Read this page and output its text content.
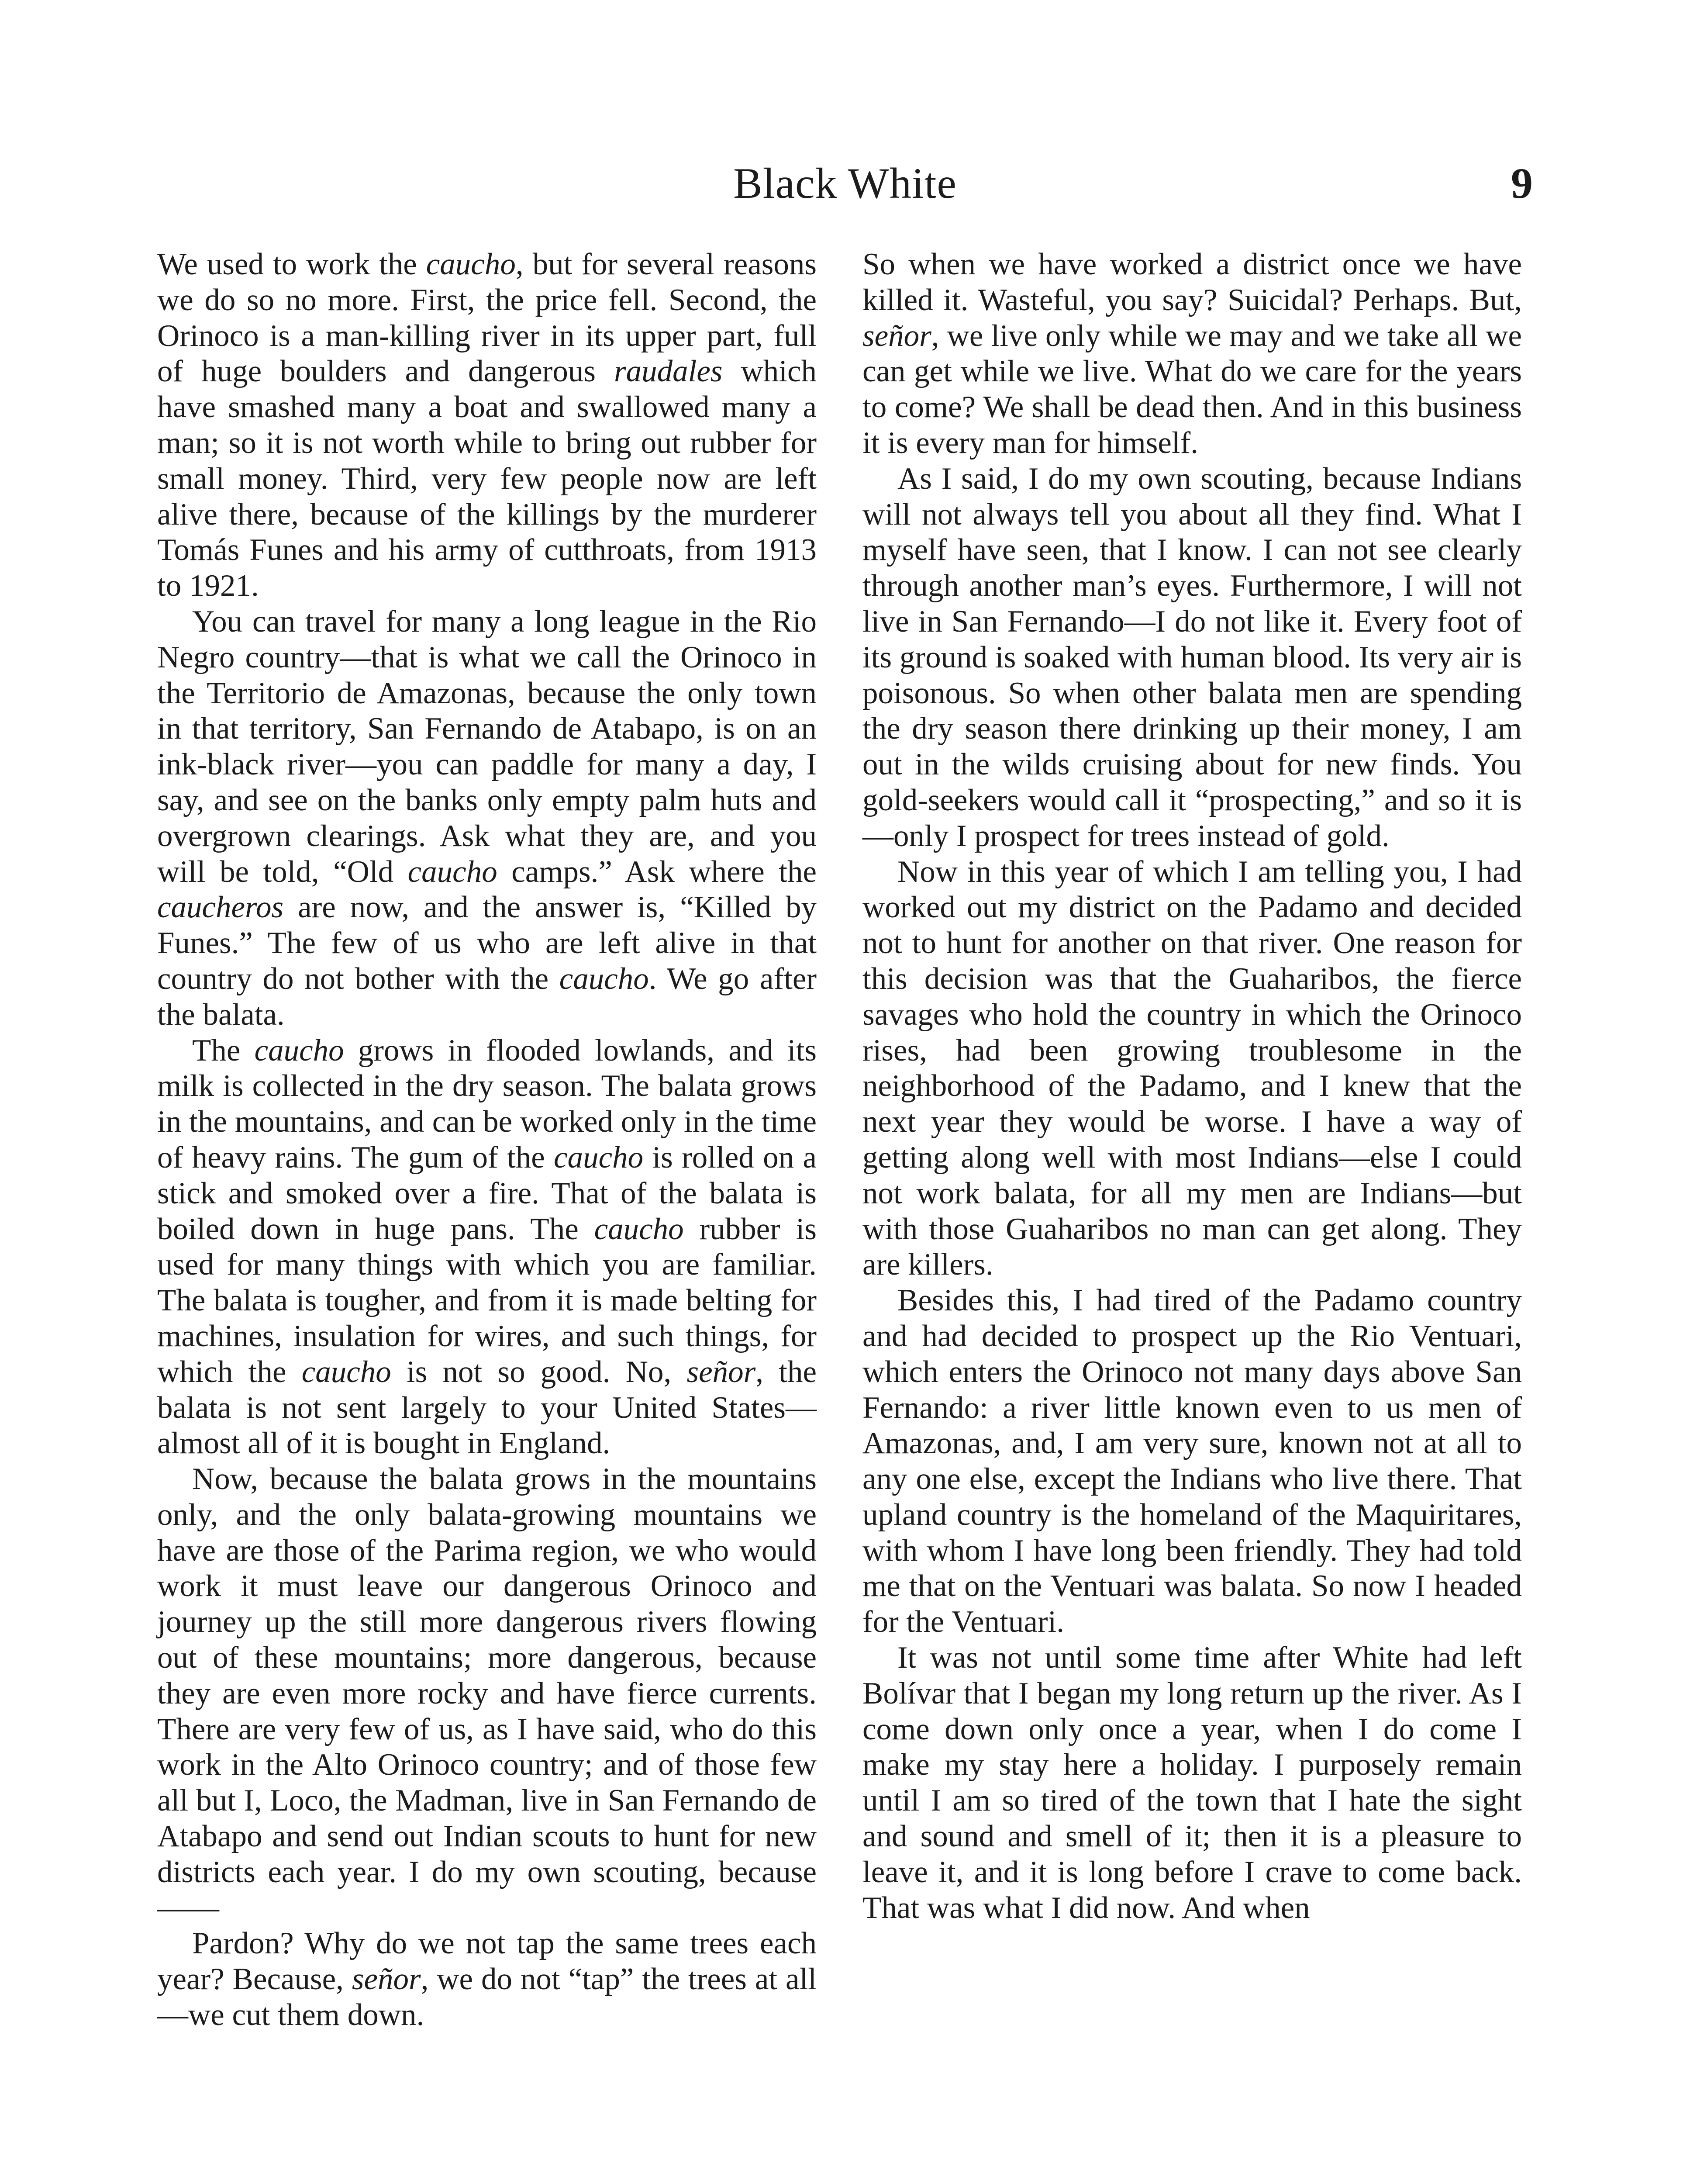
Black White	9

We used to work the caucho, but for several reasons we do so no more. First, the price fell. Second, the Orinoco is a man-killing river in its upper part, full of huge boulders and dangerous raudales which have smashed many a boat and swallowed many a man; so it is not worth while to bring out rubber for small money. Third, very few people now are left alive there, because of the killings by the murderer Tomás Funes and his army of cutthroats, from 1913 to 1921.

You can travel for many a long league in the Rio Negro country—that is what we call the Orinoco in the Territorio de Amazonas, because the only town in that territory, San Fernando de Atabapo, is on an ink-black river—you can paddle for many a day, I say, and see on the banks only empty palm huts and overgrown clearings. Ask what they are, and you will be told, “Old caucho camps.” Ask where the caucheros are now, and the answer is, “Killed by Funes.” The few of us who are left alive in that country do not bother with the caucho. We go after the balata.

The caucho grows in flooded lowlands, and its milk is collected in the dry season. The balata grows in the mountains, and can be worked only in the time of heavy rains. The gum of the caucho is rolled on a stick and smoked over a fire. That of the balata is boiled down in huge pans. The caucho rubber is used for many things with which you are familiar. The balata is tougher, and from it is made belting for machines, insulation for wires, and such things, for which the caucho is not so good. No, señor, the balata is not sent largely to your United States—almost all of it is bought in England.

Now, because the balata grows in the mountains only, and the only balata-growing mountains we have are those of the Parima region, we who would work it must leave our dangerous Orinoco and journey up the still more dangerous rivers flowing out of these mountains; more dangerous, because they are even more rocky and have fierce currents. There are very few of us, as I have said, who do this work in the Alto Orinoco country; and of those few all but I, Loco, the Madman, live in San Fernando de Atabapo and send out Indian scouts to hunt for new districts each year. I do my own scouting, because——

Pardon? Why do we not tap the same trees each year? Because, señor, we do not “tap” the trees at all—we cut them down.

So when we have worked a district once we have killed it. Wasteful, you say? Suicidal? Perhaps. But, señor, we live only while we may and we take all we can get while we live. What do we care for the years to come? We shall be dead then. And in this business it is every man for himself.

As I said, I do my own scouting, because Indians will not always tell you about all they find. What I myself have seen, that I know. I can not see clearly through another man’s eyes. Furthermore, I will not live in San Fernando—I do not like it. Every foot of its ground is soaked with human blood. Its very air is poisonous. So when other balata men are spending the dry season there drinking up their money, I am out in the wilds cruising about for new finds. You gold-seekers would call it “prospecting,” and so it is—only I prospect for trees instead of gold.

Now in this year of which I am telling you, I had worked out my district on the Padamo and decided not to hunt for another on that river. One reason for this decision was that the Guaharibos, the fierce savages who hold the country in which the Orinoco rises, had been growing troublesome in the neighborhood of the Padamo, and I knew that the next year they would be worse. I have a way of getting along well with most Indians—else I could not work balata, for all my men are Indians—but with those Guaharibos no man can get along. They are killers.

Besides this, I had tired of the Padamo country and had decided to prospect up the Rio Ventuari, which enters the Orinoco not many days above San Fernando: a river little known even to us men of Amazonas, and, I am very sure, known not at all to any one else, except the Indians who live there. That upland country is the homeland of the Maquiritares, with whom I have long been friendly. They had told me that on the Ventuari was balata. So now I headed for the Ventuari.

It was not until some time after White had left Bolívar that I began my long return up the river. As I come down only once a year, when I do come I make my stay here a holiday. I purposely remain until I am so tired of the town that I hate the sight and sound and smell of it; then it is a pleasure to leave it, and it is long before I crave to come back. That was what I did now. And when
